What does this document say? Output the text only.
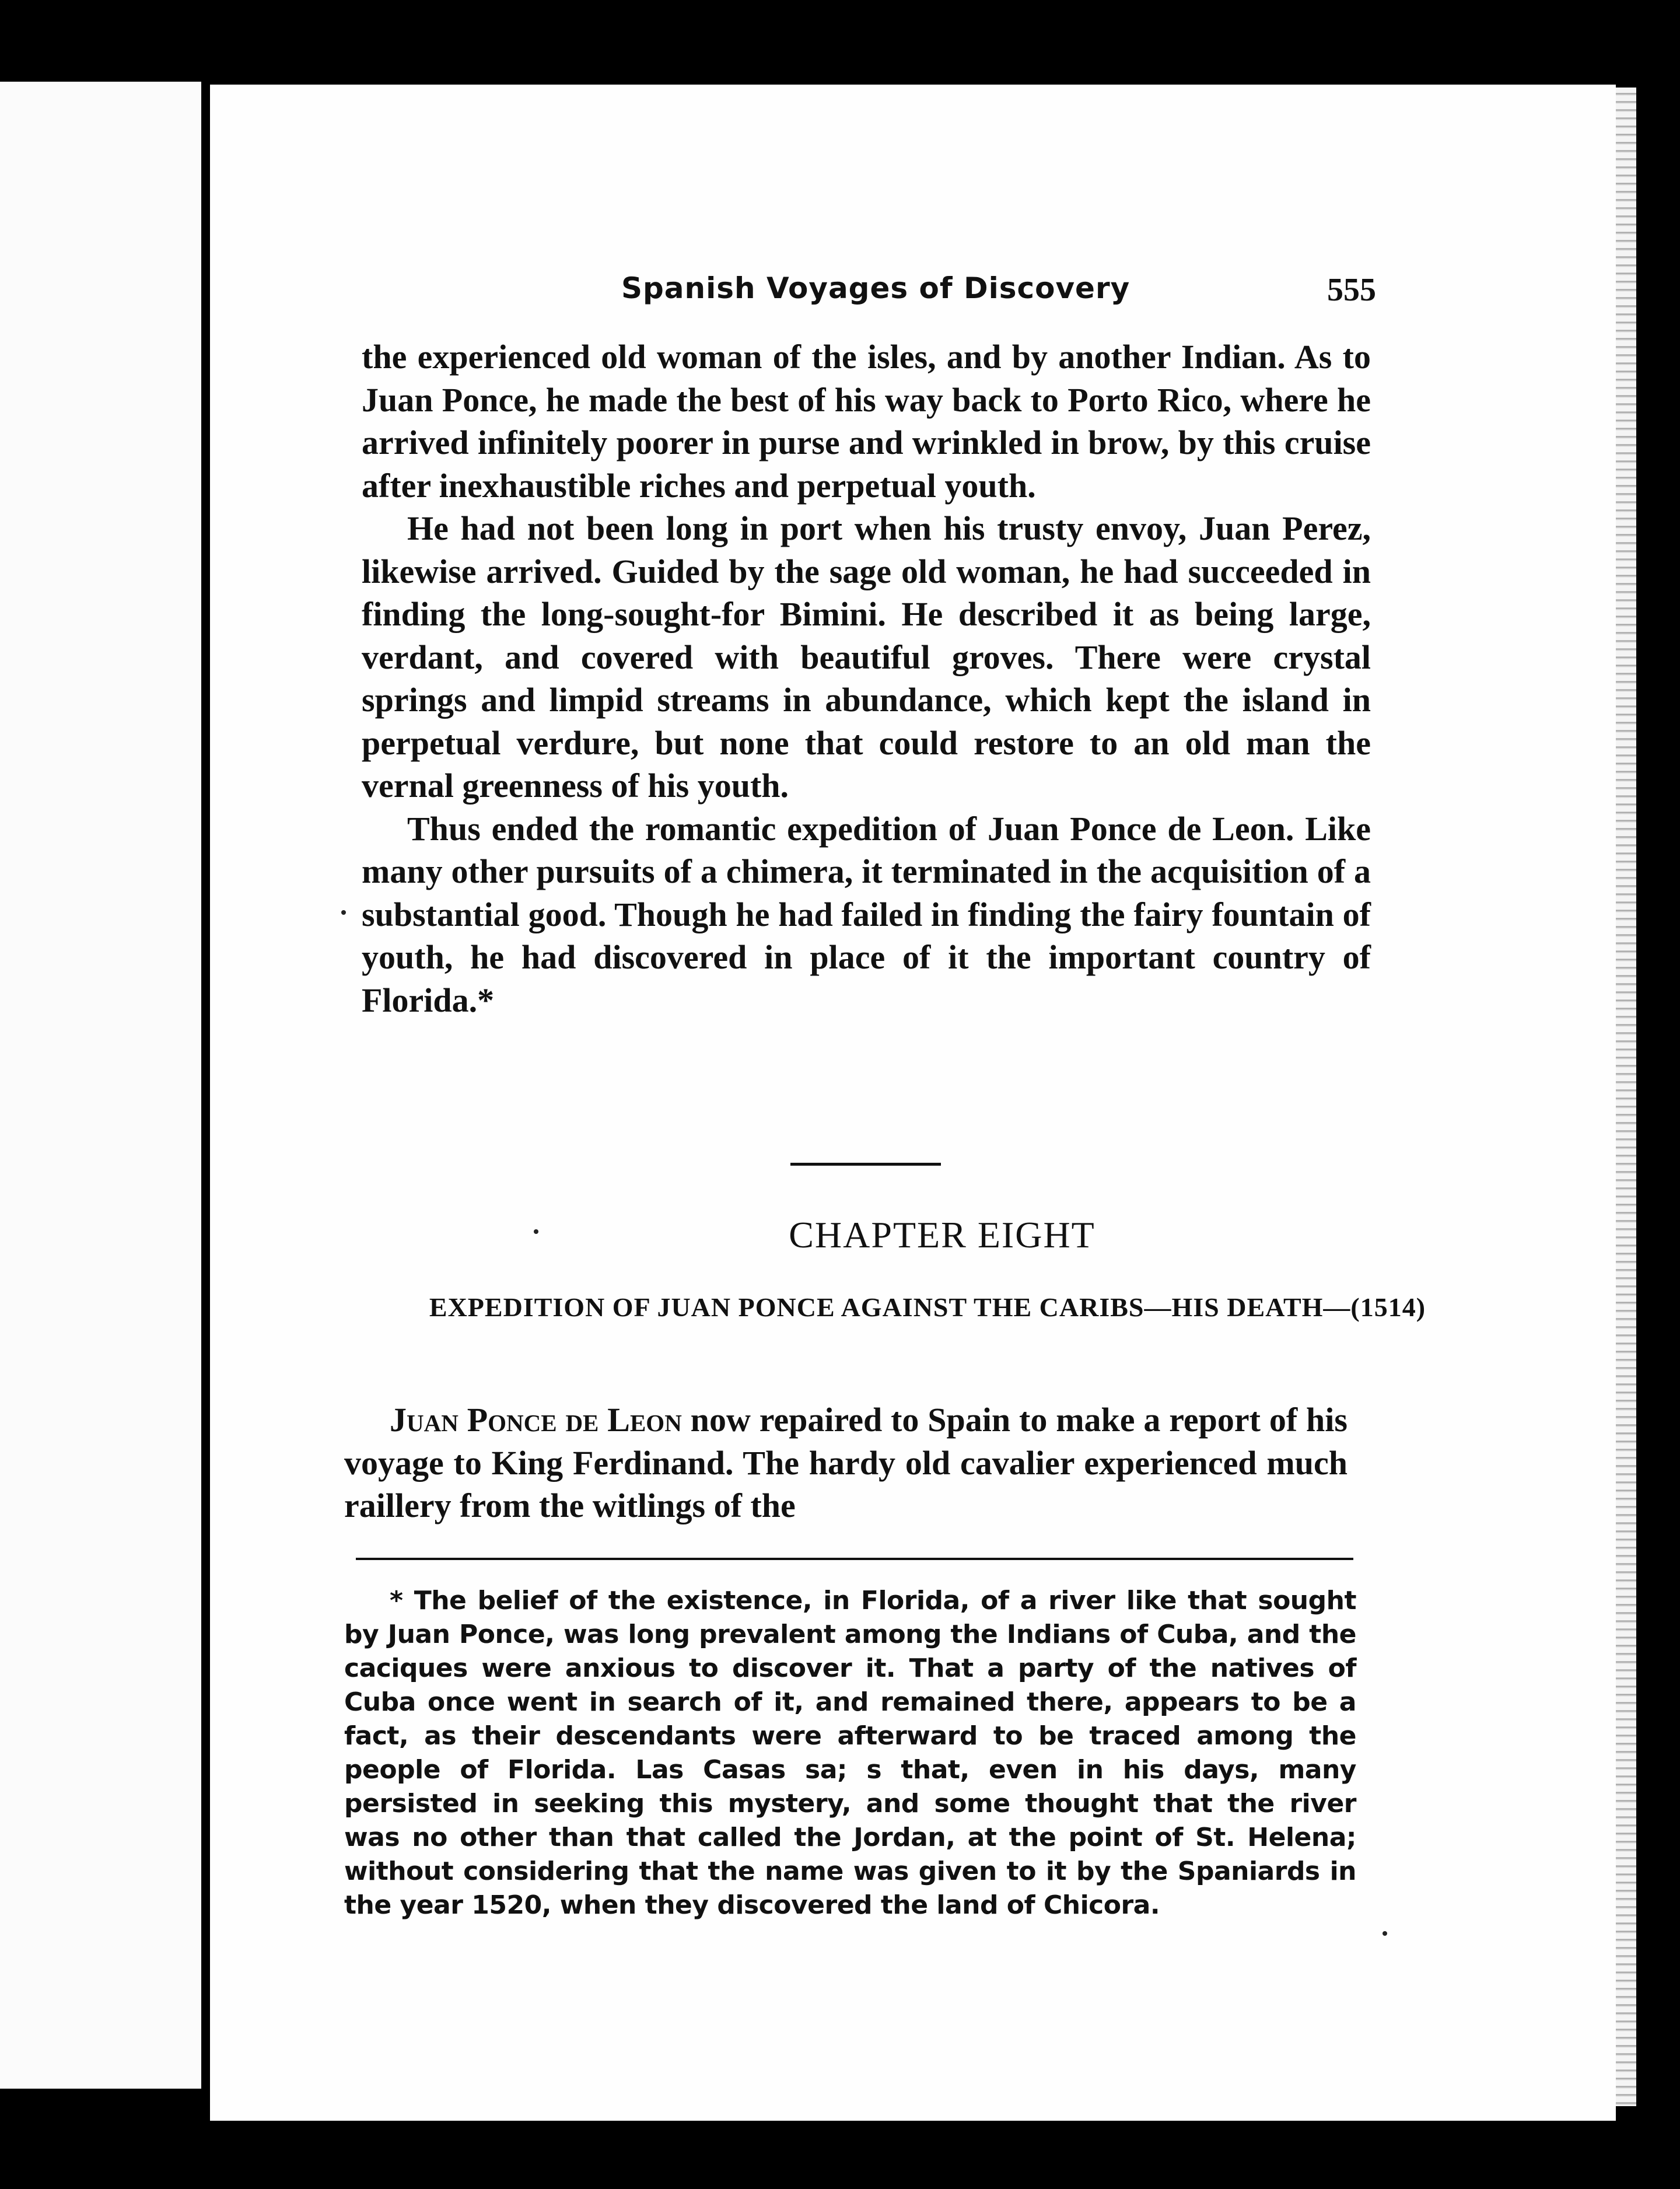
Spanish Voyages of Discovery	555

the experienced old woman of the isles, and by another Indian. As to Juan Ponce, he made the best of his way back to Porto Rico, where he arrived infinitely poorer in purse and wrinkled in brow, by this cruise after inexhaustible riches and perpetual youth.

He had not been long in port when his trusty envoy, Juan Perez, likewise arrived. Guided by the sage old woman, he had succeeded in finding the long-sought-for Bimini. He described it as being large, verdant, and covered with beautiful groves. There were crystal springs and limpid streams in abundance, which kept the island in perpetual verdure, but none that could restore to an old man the vernal greenness of his youth.

Thus ended the romantic expedition of Juan Ponce de Leon. Like many other pursuits of a chimera, it terminated in the acquisition of a substantial good. Though he had failed in finding the fairy fountain of youth, he had discovered in place of it the important country of Florida.*

CHAPTER EIGHT
EXPEDITION OF JUAN PONCE AGAINST THE CARIBS—HIS DEATH—(1514)

Juan Ponce de Leon now repaired to Spain to make a report of his voyage to King Ferdinand. The hardy old cavalier experienced much raillery from the witlings of the

* The belief of the existence, in Florida, of a river like that sought by Juan Ponce, was long prevalent among the Indians of Cuba, and the caciques were anxious to discover it. That a party of the natives of Cuba once went in search of it, and remained there, appears to be a fact, as their descendants were afterward to be traced among the people of Florida. Las Casas sa; s that, even in his days, many persisted in seeking this mystery, and some thought that the river was no other than that called the Jordan, at the point of St. Helena; without considering that the name was given to it by the Spaniards in the year 1520, when they discovered the land of Chicora.
